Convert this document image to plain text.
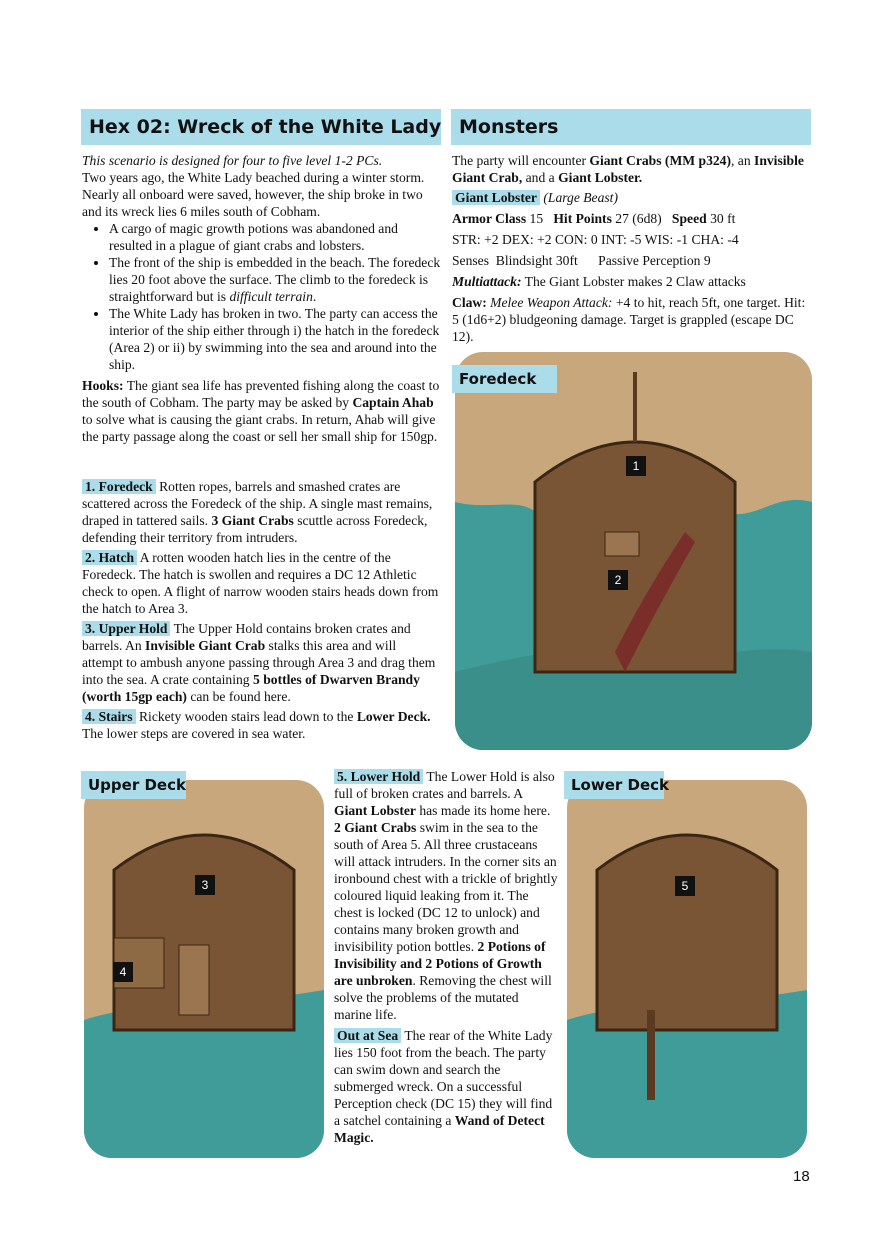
Hex 02: Wreck of the White Lady Monsters

This scenario is designed for four to five level 1-2 PCs.

Two years ago, the White Lady beached during a winter storm. Nearly all onboard were saved, however, the ship broke in two and its wreck lies 6 miles south of Cobham.

• A cargo of magic growth potions was abandoned and resulted in a plague of giant crabs and lobsters.
• The front of the ship is embedded in the beach. The foredeck lies 20 foot above the surface. The climb to the foredeck is straightforward but is difficult terrain.
• The White Lady has broken in two. The party can access the interior of the ship either through i) the hatch in the foredeck (Area 2) or ii) by swimming into the sea and around into the ship.

Hooks: The giant sea life has prevented fishing along the coast to the south of Cobham. The party may be asked by Captain Ahab to solve what is causing the giant crabs. In return, Ahab will give the party passage along the coast or sell her small ship for 150gp.

1. Foredeck Rotten ropes, barrels and smashed crates are scattered across the Foredeck of the ship. A single mast remains, draped in tattered sails. 3 Giant Crabs scuttle across Foredeck, defending their territory from intruders.

2. Hatch A rotten wooden hatch lies in the centre of the Foredeck. The hatch is swollen and requires a DC 12 Athletic check to open. A flight of narrow wooden stairs heads down from the hatch to Area 3.

3. Upper Hold The Upper Hold contains broken crates and barrels. An Invisible Giant Crab stalks this area and will attempt to ambush anyone passing through Area 3 and drag them into the sea. A crate containing 5 bottles of Dwarven Brandy (worth 15gp each) can be found here.

4. Stairs Rickety wooden stairs lead down to the Lower Deck. The lower steps are covered in sea water.

The party will encounter Giant Crabs (MM p324), an Invisible Giant Crab, and a Giant Lobster.

Giant Lobster (Large Beast)

Armor Class 15 Hit Points 27 (6d8) Speed 30 ft

STR: +2 DEX: +2 CON: 0 INT: -5 WIS: -1 CHA: -4

Senses  Blindsight 30ft      Passive Perception 9

Multiattack: The Giant Lobster makes 2 Claw attacks

Claw: Melee Weapon Attack: +4 to hit, reach 5ft, one target. Hit: 5 (1d6+2) bludgeoning damage. Target is grappled (escape DC 12).

1
2
Foredeck
3
4
Upper Deck
5
Lower Deck

5. Lower Hold The Lower Hold is also full of broken crates and barrels. A Giant Lobster has made its home here. 2 Giant Crabs swim in the sea to the south of Area 5. All three crustaceans will attack intruders. In the corner sits an ironbound chest with a trickle of brightly coloured liquid leaking from it. The chest is locked (DC 12 to unlock) and contains many broken growth and invisibility potion bottles. 2 Potions of Invisibility and 2 Potions of Growth are unbroken. Removing the chest will solve the problems of the mutated marine life.

Out at Sea The rear of the White Lady lies 150 foot from the beach. The party can swim down and search the submerged wreck. On a successful Perception check (DC 15) they will find a satchel containing a Wand of Detect Magic.

18
